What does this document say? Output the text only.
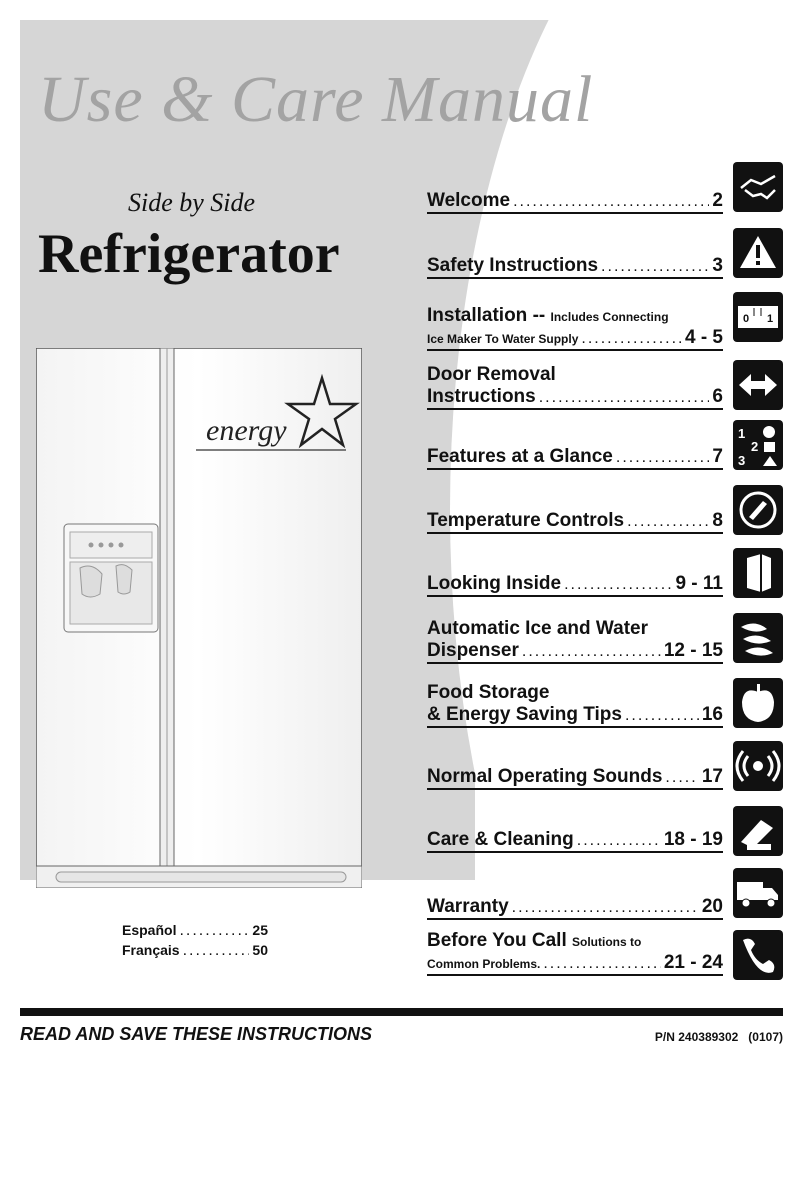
Use & Care Manual
Side by Side
Refrigerator
energy
Welcome .....	2
Safety Instructions .....	3
Installation --
Includes Connecting
Ice Maker To Water Supply .....	4 - 5
0 1
Door Removal
Instructions .....	6
Features at a Glance .....	7
1
2
3
Temperature Controls .....	8
Looking Inside .....	9 - 11
Automatic Ice and Water
Dispenser .....	12 - 15
Food Storage
& Energy Saving Tips .....	16
Normal Operating Sounds ..... 17
Care & Cleaning .....	18 - 19
Warranty .....	20
Before You Call
Solutions to
Common Problems. .....	21 - 24
Español .....	25
Français .....	50
READ AND SAVE THESE INSTRUCTIONS	P/N 240389302   (0107)
